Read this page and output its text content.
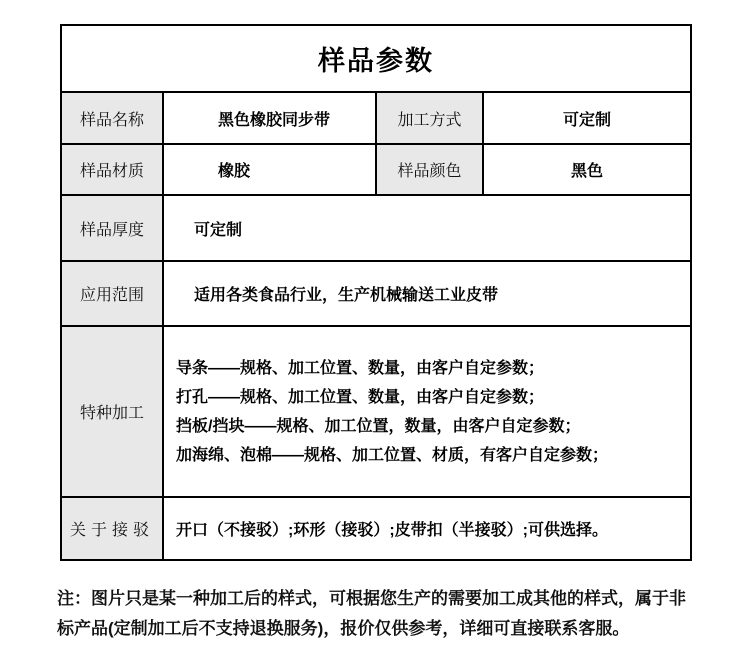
样品参数			
样品名称	黑色橡胶同步带	加工方式	可定制
样品材质	橡胶	样品颜色	黑色
样品厚度	可定制		
应用范围	适用各类食品行业，生产机械输送工业皮带		
特种加工	导条——规格、加工位置、数量，由客户自定参数；
打孔——规格、加工位置、数量，由客户自定参数；
挡板/挡块——规格、加工位置，数量，由客户自定参数；
加海绵、泡棉——规格、加工位置、材质，有客户自定参数；		

关于接驳	开口（不接驳）;环形（接驳）;皮带扣（半接驳）;可供选择。		
注：图片只是某一种加工后的样式，可根据您生产的需要加工成其他的样式，属于非标产品(定制加工后不支持退换服务)，报价仅供参考，详细可直接联系客服。
